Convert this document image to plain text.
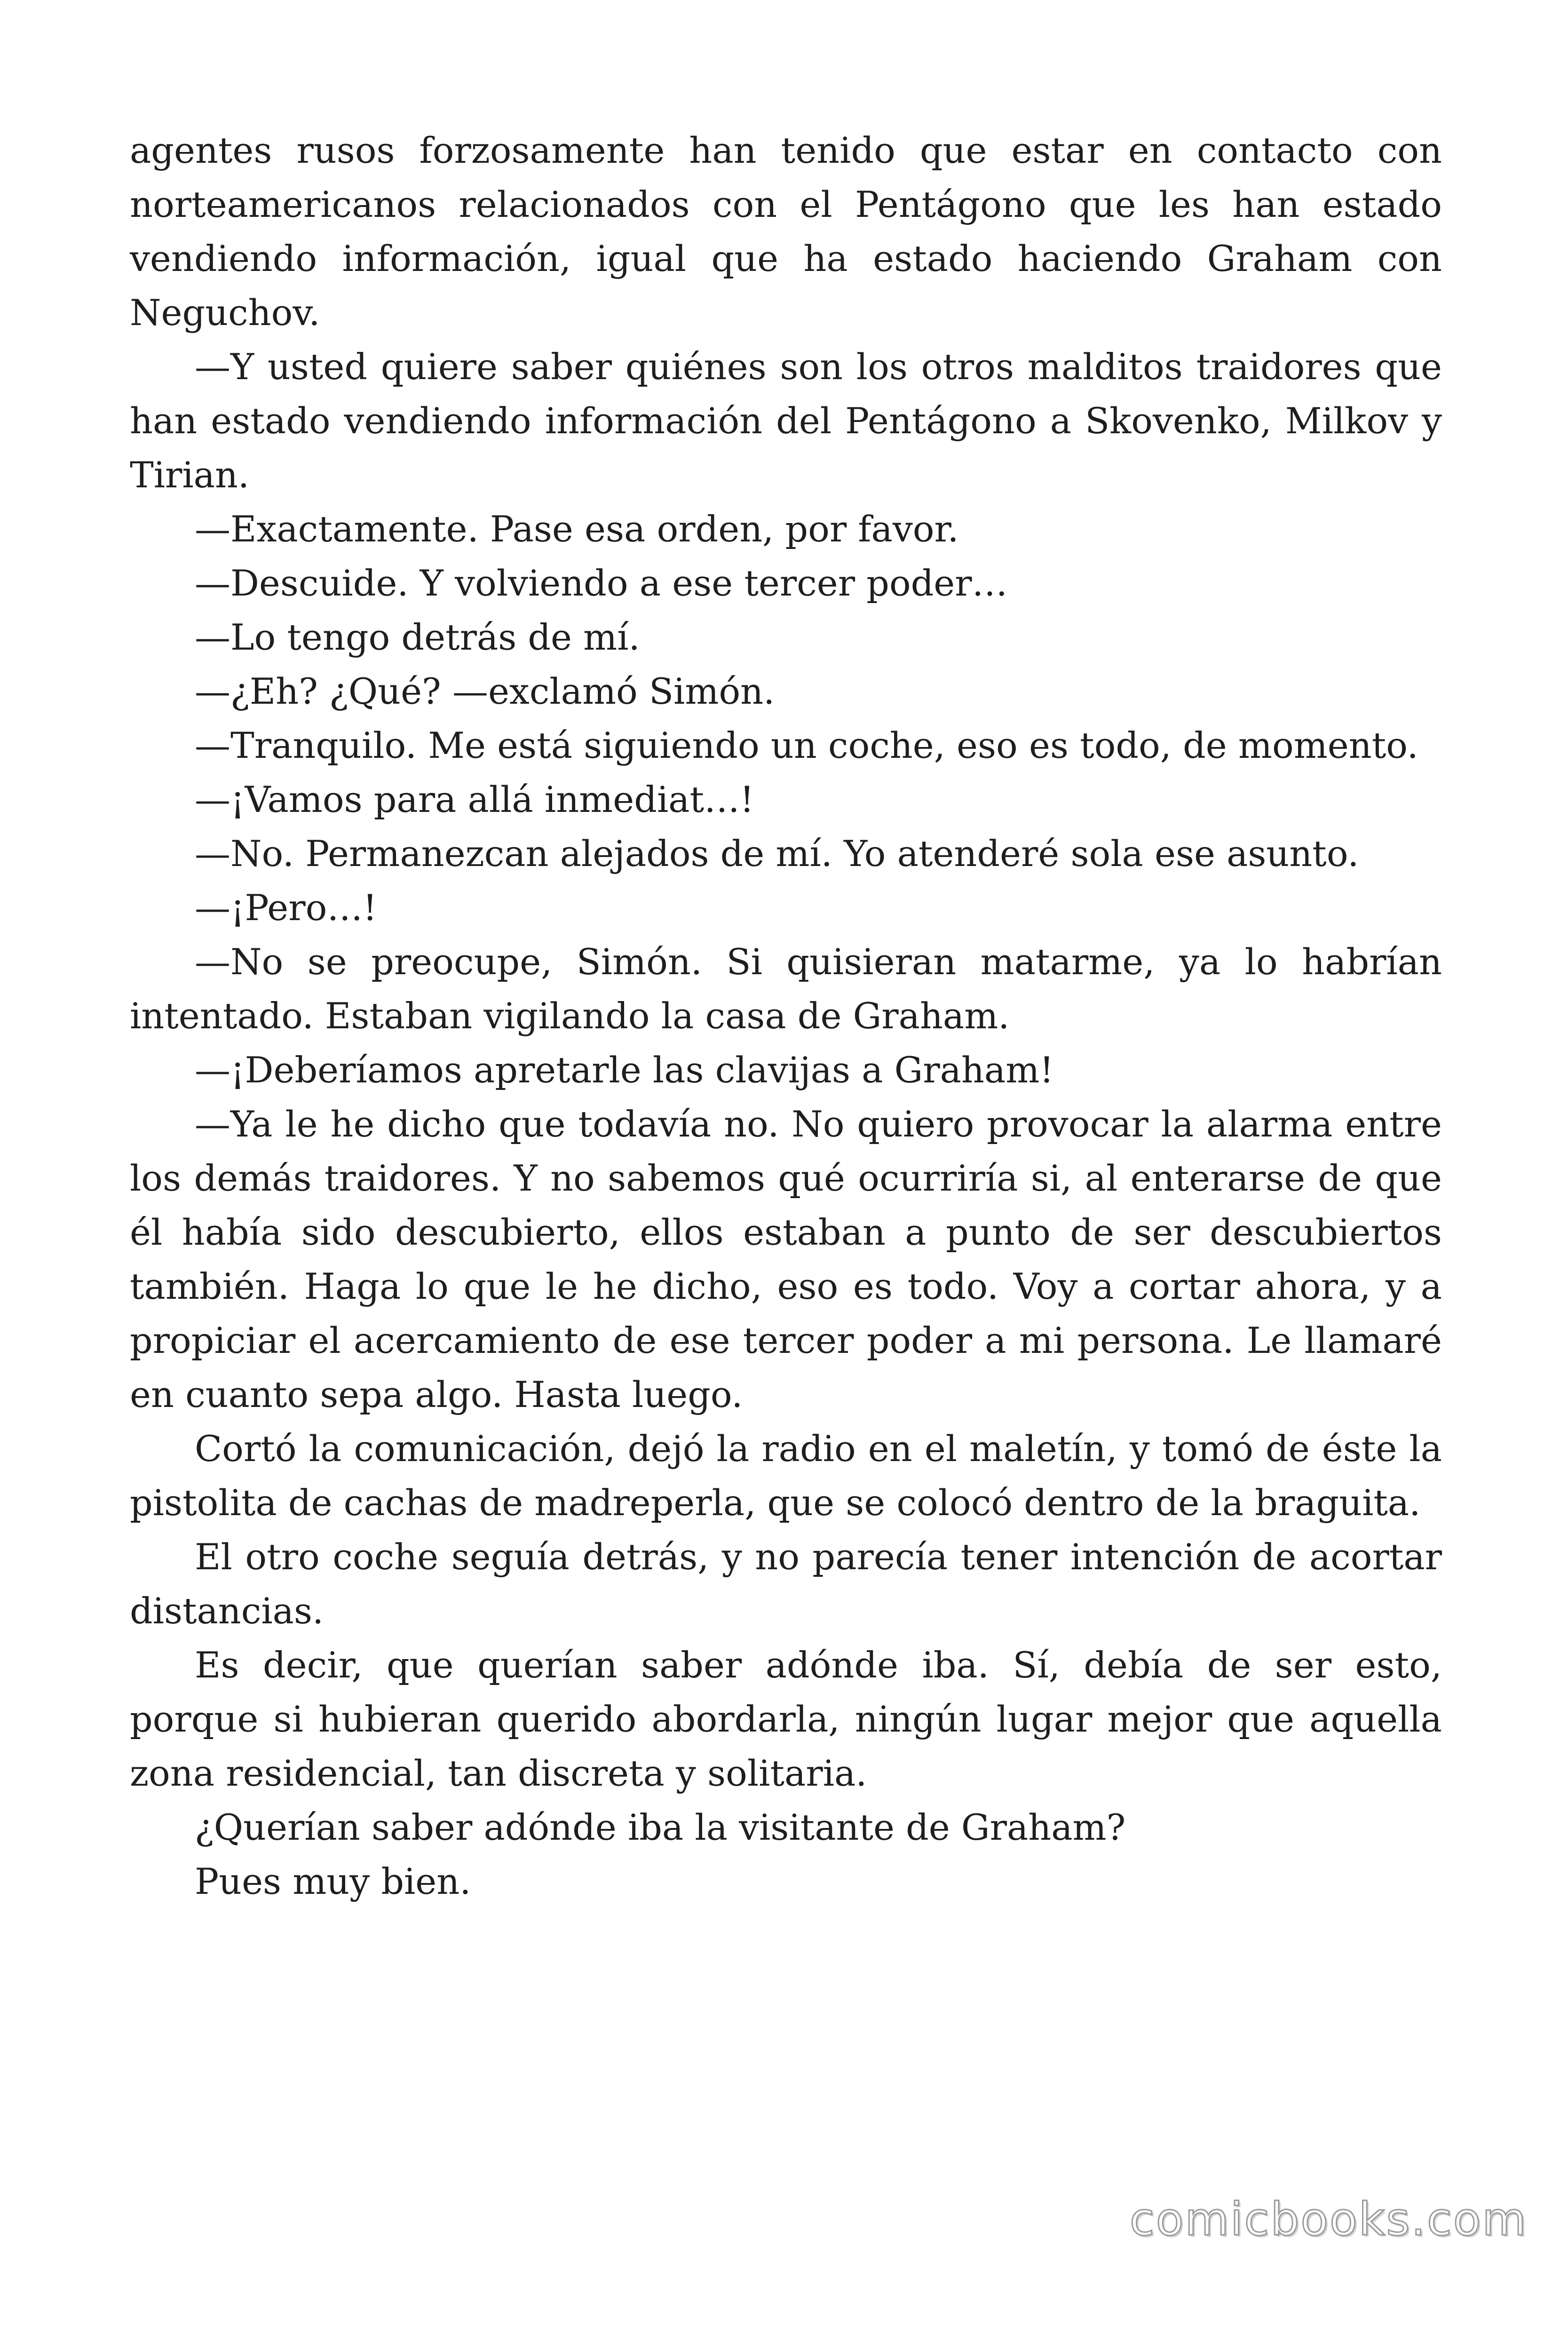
agentes rusos forzosamente han tenido que estar en contacto con norteamericanos relacionados con el Pentágono que les han estado vendiendo información, igual que ha estado haciendo Graham con Neguchov.

—Y usted quiere saber quiénes son los otros malditos traidores que han estado vendiendo información del Pentágono a Skovenko, Milkov y Tirian.

—Exactamente. Pase esa orden, por favor.

—Descuide. Y volviendo a ese tercer poder…

—Lo tengo detrás de mí.

—¿Eh? ¿Qué? —exclamó Simón.

—Tranquilo. Me está siguiendo un coche, eso es todo, de momento.

—¡Vamos para allá inmediat…!

—No. Permanezcan alejados de mí. Yo atenderé sola ese asunto.

—¡Pero…!

—No se preocupe, Simón. Si quisieran matarme, ya lo habrían intentado. Estaban vigilando la casa de Graham.

—¡Deberíamos apretarle las clavijas a Graham!

—Ya le he dicho que todavía no. No quiero provocar la alarma entre los demás traidores. Y no sabemos qué ocurriría si, al enterarse de que él había sido descubierto, ellos estaban a punto de ser descubiertos también. Haga lo que le he dicho, eso es todo. Voy a cortar ahora, y a propiciar el acercamiento de ese tercer poder a mi persona. Le llamaré en cuanto sepa algo. Hasta luego.

Cortó la comunicación, dejó la radio en el maletín, y tomó de éste la pistolita de cachas de madreperla, que se colocó dentro de la braguita.

El otro coche seguía detrás, y no parecía tener intención de acortar distancias.

Es decir, que querían saber adónde iba. Sí, debía de ser esto, porque si hubieran querido abordarla, ningún lugar mejor que aquella zona residencial, tan discreta y solitaria.

¿Querían saber adónde iba la visitante de Graham?

Pues muy bien.

comicbooks.com
